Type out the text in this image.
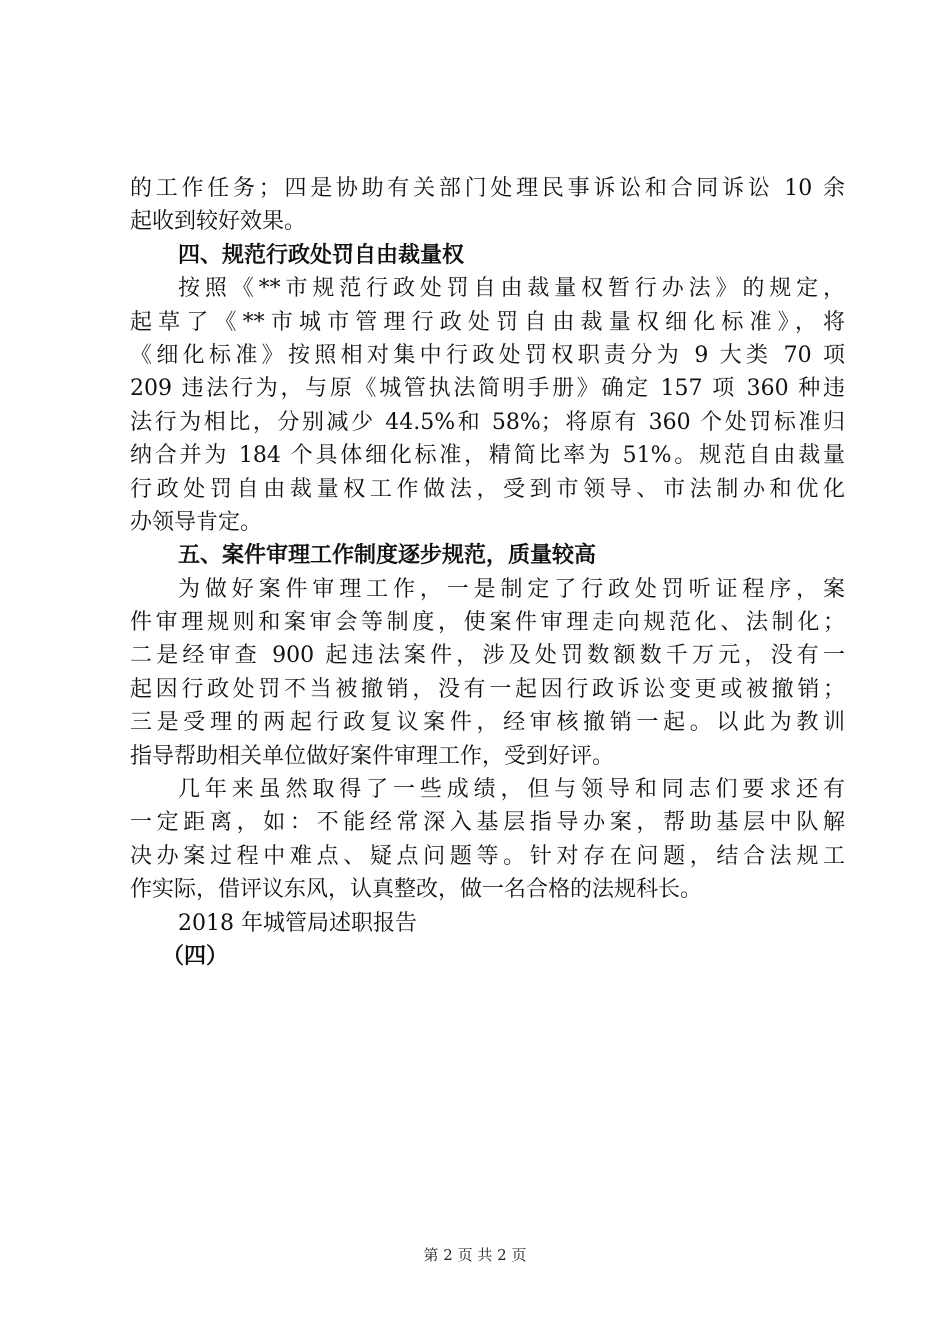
的工作任务；四是协助有关部门处理民事诉讼和合同诉讼 10 余
起收到较好效果。
四、规范行政处罚自由裁量权
按照《**市规范行政处罚自由裁量权暂行办法》的规定，
起草了《**市城市管理行政处罚自由裁量权细化标准》，将
《细化标准》按照相对集中行政处罚权职责分为 9 大类 70 项
209 违法行为，与原《城管执法简明手册》确定 157 项 360 种违
法行为相比，分别减少 44.5%和 58%；将原有 360 个处罚标准归
纳合并为 184 个具体细化标准，精简比率为 51%。规范自由裁量
行政处罚自由裁量权工作做法，受到市领导、市法制办和优化
办领导肯定。
五、案件审理工作制度逐步规范，质量较高
为做好案件审理工作，一是制定了行政处罚听证程序，案
件审理规则和案审会等制度，使案件审理走向规范化、法制化；
二是经审查 900 起违法案件，涉及处罚数额数千万元，没有一
起因行政处罚不当被撤销，没有一起因行政诉讼变更或被撤销；
三是受理的两起行政复议案件，经审核撤销一起。以此为教训
指导帮助相关单位做好案件审理工作，受到好评。
几年来虽然取得了一些成绩，但与领导和同志们要求还有
一定距离，如：不能经常深入基层指导办案，帮助基层中队解
决办案过程中难点、疑点问题等。针对存在问题，结合法规工
作实际，借评议东风，认真整改，做一名合格的法规科长。
2018 年城管局述职报告
（四）
第 2 页 共 2 页
